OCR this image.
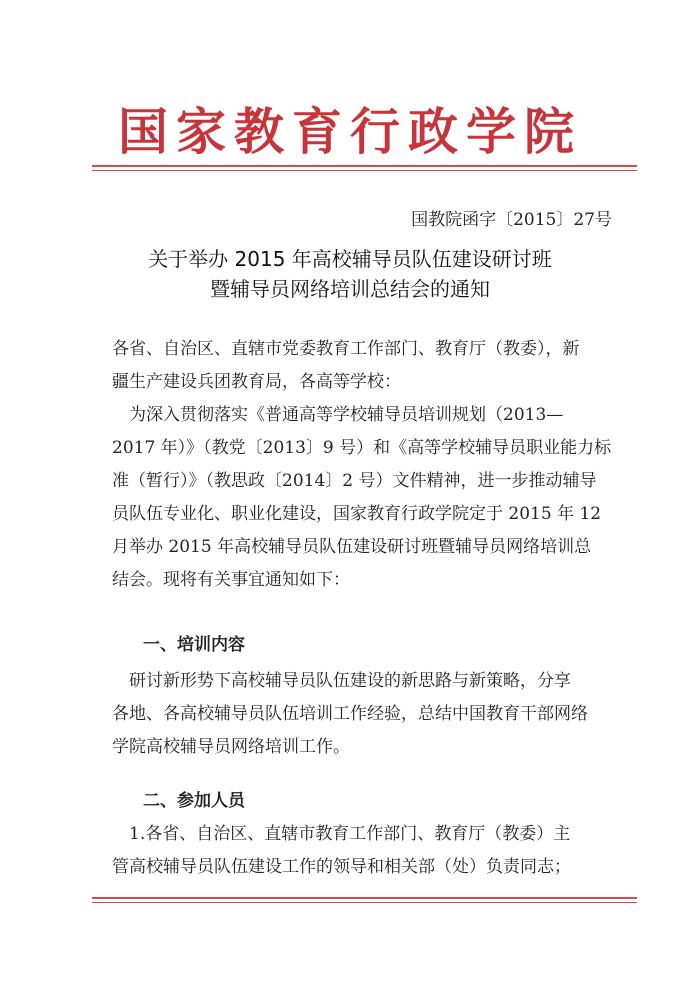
国家教育行政学院
国教院函字〔2015〕27号
关于举办 2015 年高校辅导员队伍建设研讨班
暨辅导员网络培训总结会的通知
各省、自治区、直辖市党委教育工作部门、教育厅（教委），新
疆生产建设兵团教育局，各高等学校：
　为深入贯彻落实《普通高等学校辅导员培训规划（2013—
2017 年）》（教党〔2013〕9 号）和《高等学校辅导员职业能力标
准（暂行）》（教思政〔2014〕2 号）文件精神，进一步推动辅导
员队伍专业化、职业化建设，国家教育行政学院定于 2015 年 12
月举办 2015 年高校辅导员队伍建设研讨班暨辅导员网络培训总
结会。现将有关事宜通知如下：
一、培训内容
　研讨新形势下高校辅导员队伍建设的新思路与新策略，分享
各地、各高校辅导员队伍培训工作经验，总结中国教育干部网络
学院高校辅导员网络培训工作。
二、参加人员
　1.各省、自治区、直辖市教育工作部门、教育厅（教委）主
管高校辅导员队伍建设工作的领导和相关部（处）负责同志；
